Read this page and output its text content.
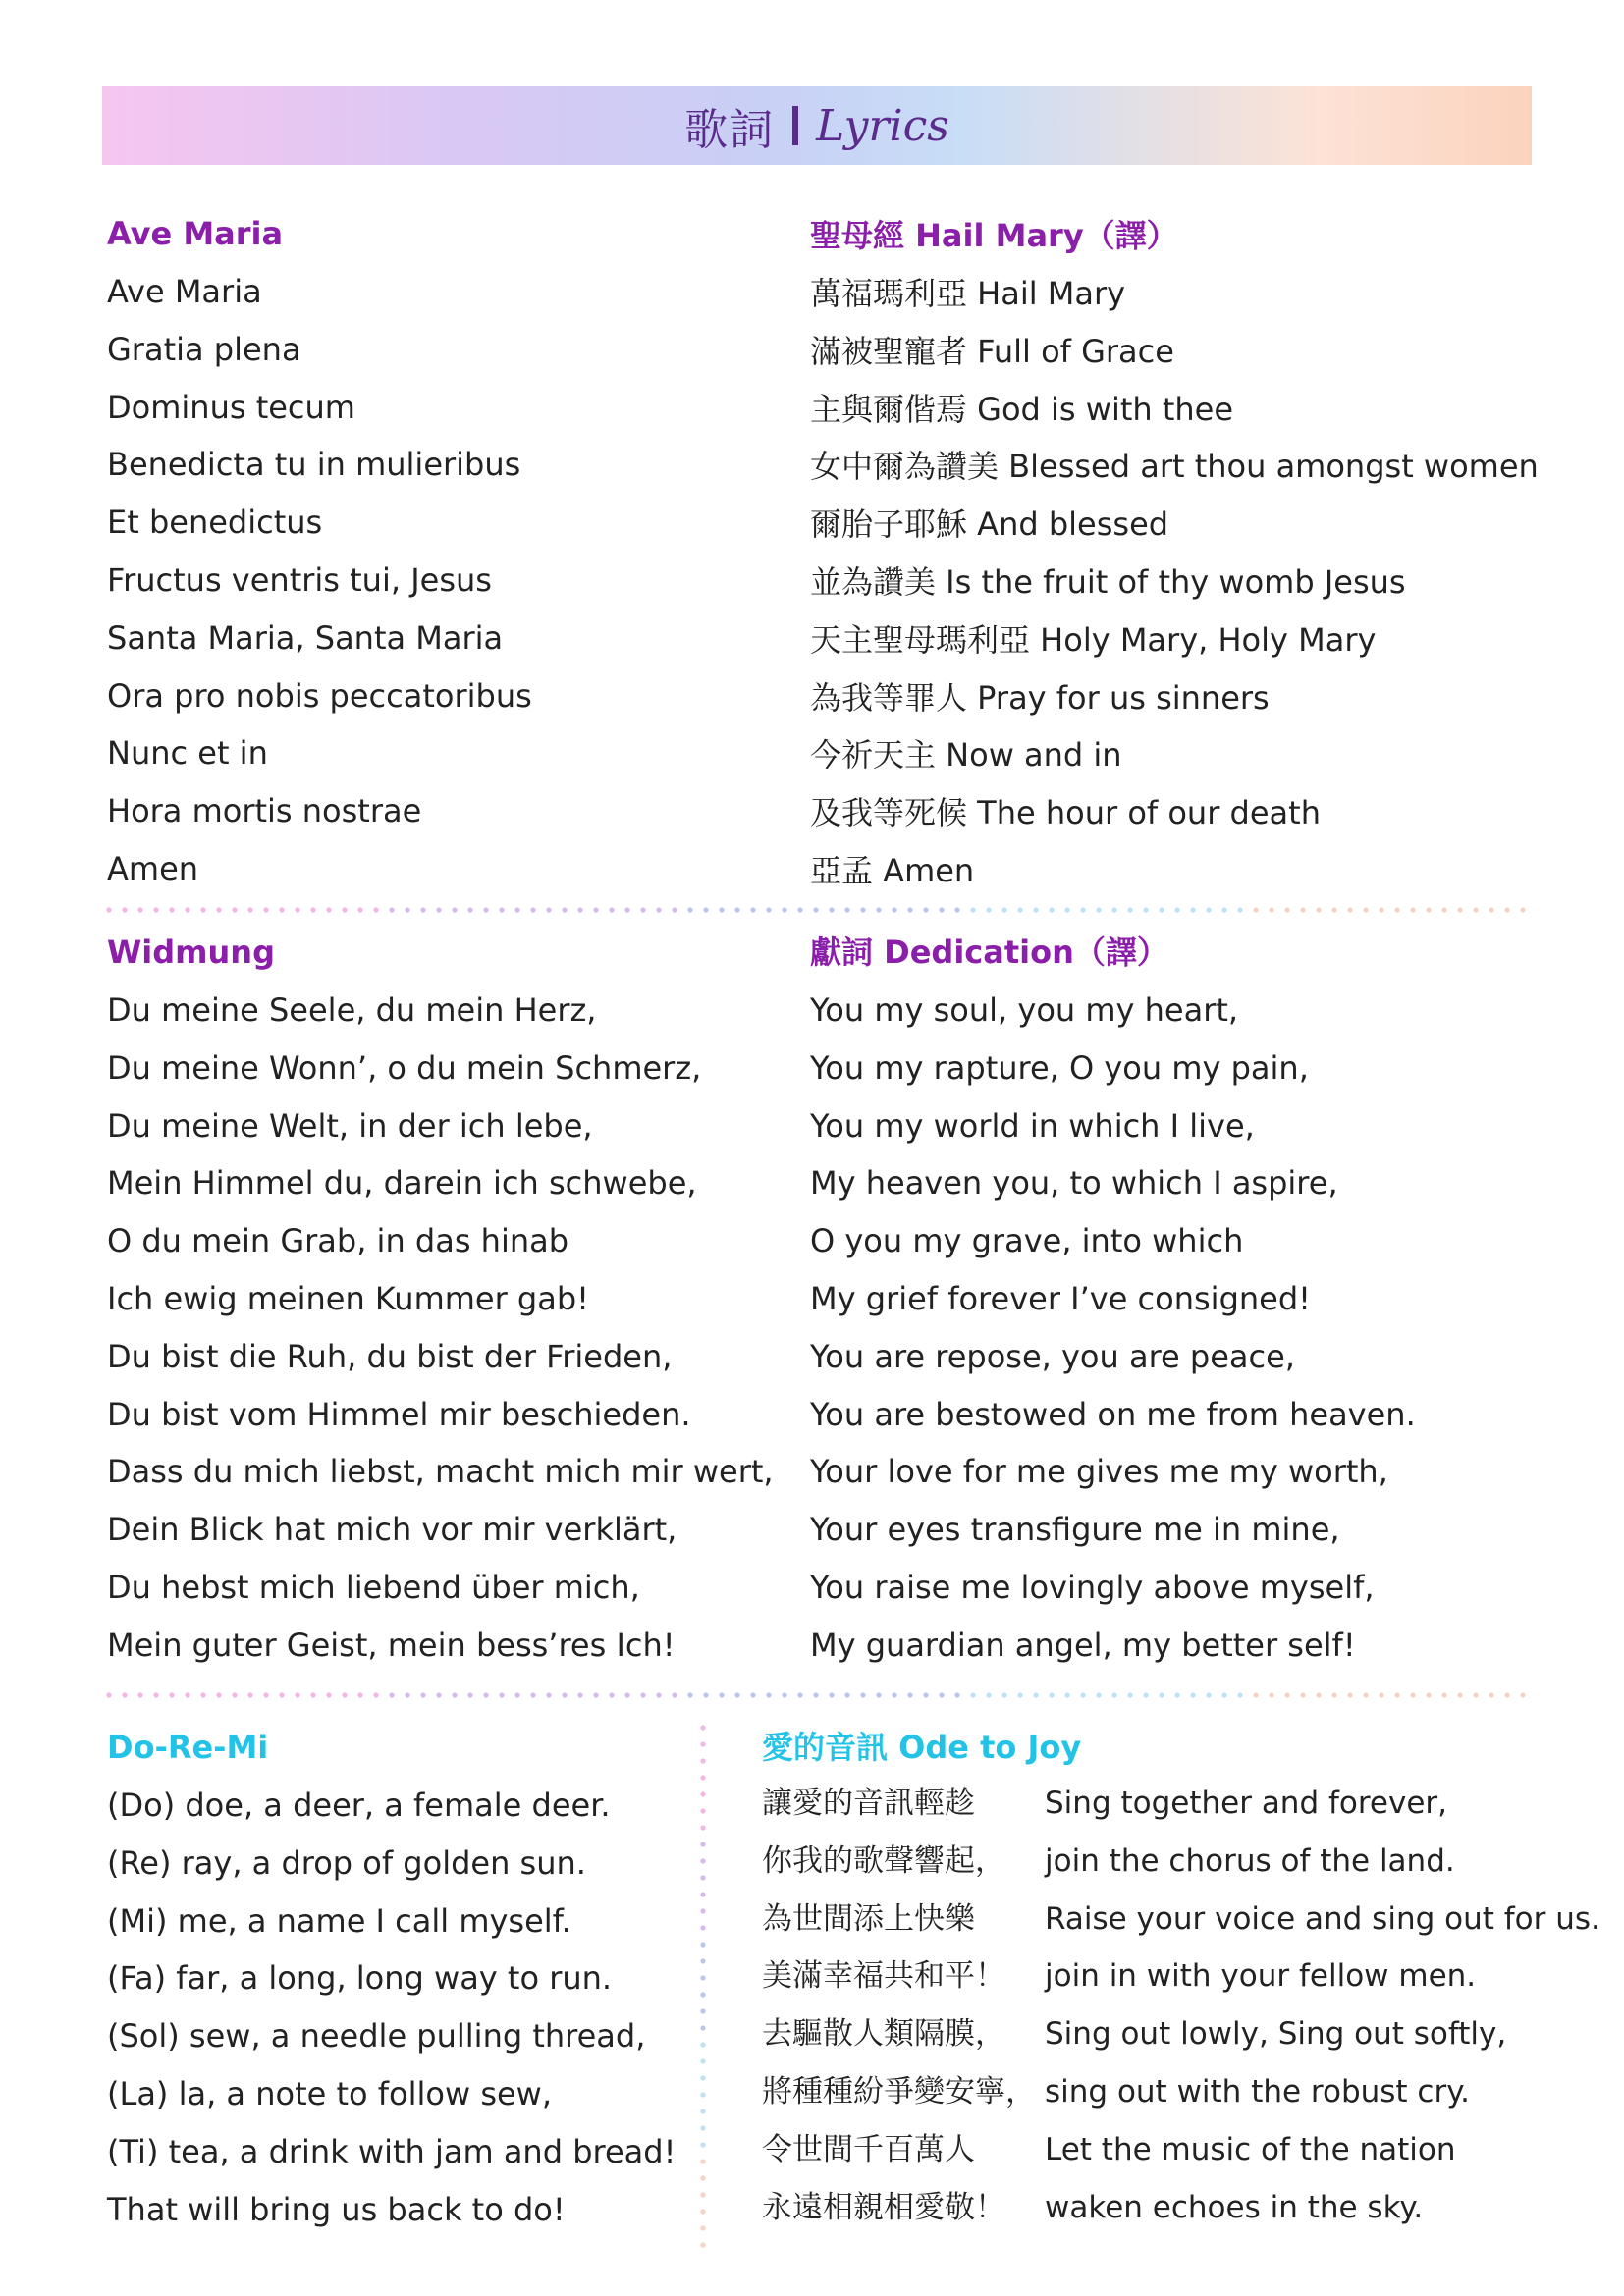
歌詞 Lyrics

Ave Maria

Ave Maria

Gratia plena

Dominus tecum

Benedicta tu in mulieribus

Et benedictus

Fructus ventris tui, Jesus

Santa Maria, Santa Maria

Ora pro nobis peccatoribus

Nunc et in

Hora mortis nostrae

Amen

聖母經 Hail Mary（譯）

萬福瑪利亞 Hail Mary

滿被聖寵者 Full of Grace

主與爾偕焉 God is with thee

女中爾為讚美 Blessed art thou amongst women

爾胎子耶穌 And blessed

並為讚美 Is the fruit of thy womb Jesus

天主聖母瑪利亞 Holy Mary, Holy Mary

為我等罪人 Pray for us sinners

今祈天主 Now and in

及我等死候 The hour of our death

亞孟 Amen

Widmung

Du meine Seele, du mein Herz,

Du meine Wonn’, o du mein Schmerz,

Du meine Welt, in der ich lebe,

Mein Himmel du, darein ich schwebe,

O du mein Grab, in das hinab

Ich ewig meinen Kummer gab!

Du bist die Ruh, du bist der Frieden,

Du bist vom Himmel mir beschieden.

Dass du mich liebst, macht mich mir wert,

Dein Blick hat mich vor mir verklärt,

Du hebst mich liebend über mich,

Mein guter Geist, mein bess’res Ich!

獻詞 Dedication（譯）

You my soul, you my heart,

You my rapture, O you my pain,

You my world in which I live,

My heaven you, to which I aspire,

O you my grave, into which

My grief forever I’ve consigned!

You are repose, you are peace,

You are bestowed on me from heaven.

Your love for me gives me my worth,

Your eyes transfigure me in mine,

You raise me lovingly above myself,

My guardian angel, my better self!

Do-Re-Mi

(Do) doe, a deer, a female deer.

(Re) ray, a drop of golden sun.

(Mi) me, a name I call myself.

(Fa) far, a long, long way to run.

(Sol) sew, a needle pulling thread,

(La) la, a note to follow sew,

(Ti) tea, a drink with jam and bread!

That will bring us back to do!

愛的音訊 Ode to Joy

讓愛的音訊輕趁	Sing together and forever,
你我的歌聲響起，	join the chorus of the land.
為世間添上快樂	Raise your voice and sing out for us.
美滿幸福共和平！	join in with your fellow men.
去驅散人類隔膜，	Sing out lowly, Sing out softly,
將種種紛爭變安寧， sing out with the robust cry.
令世間千百萬人	Let the music of the nation
永遠相親相愛敬！	waken echoes in the sky.
